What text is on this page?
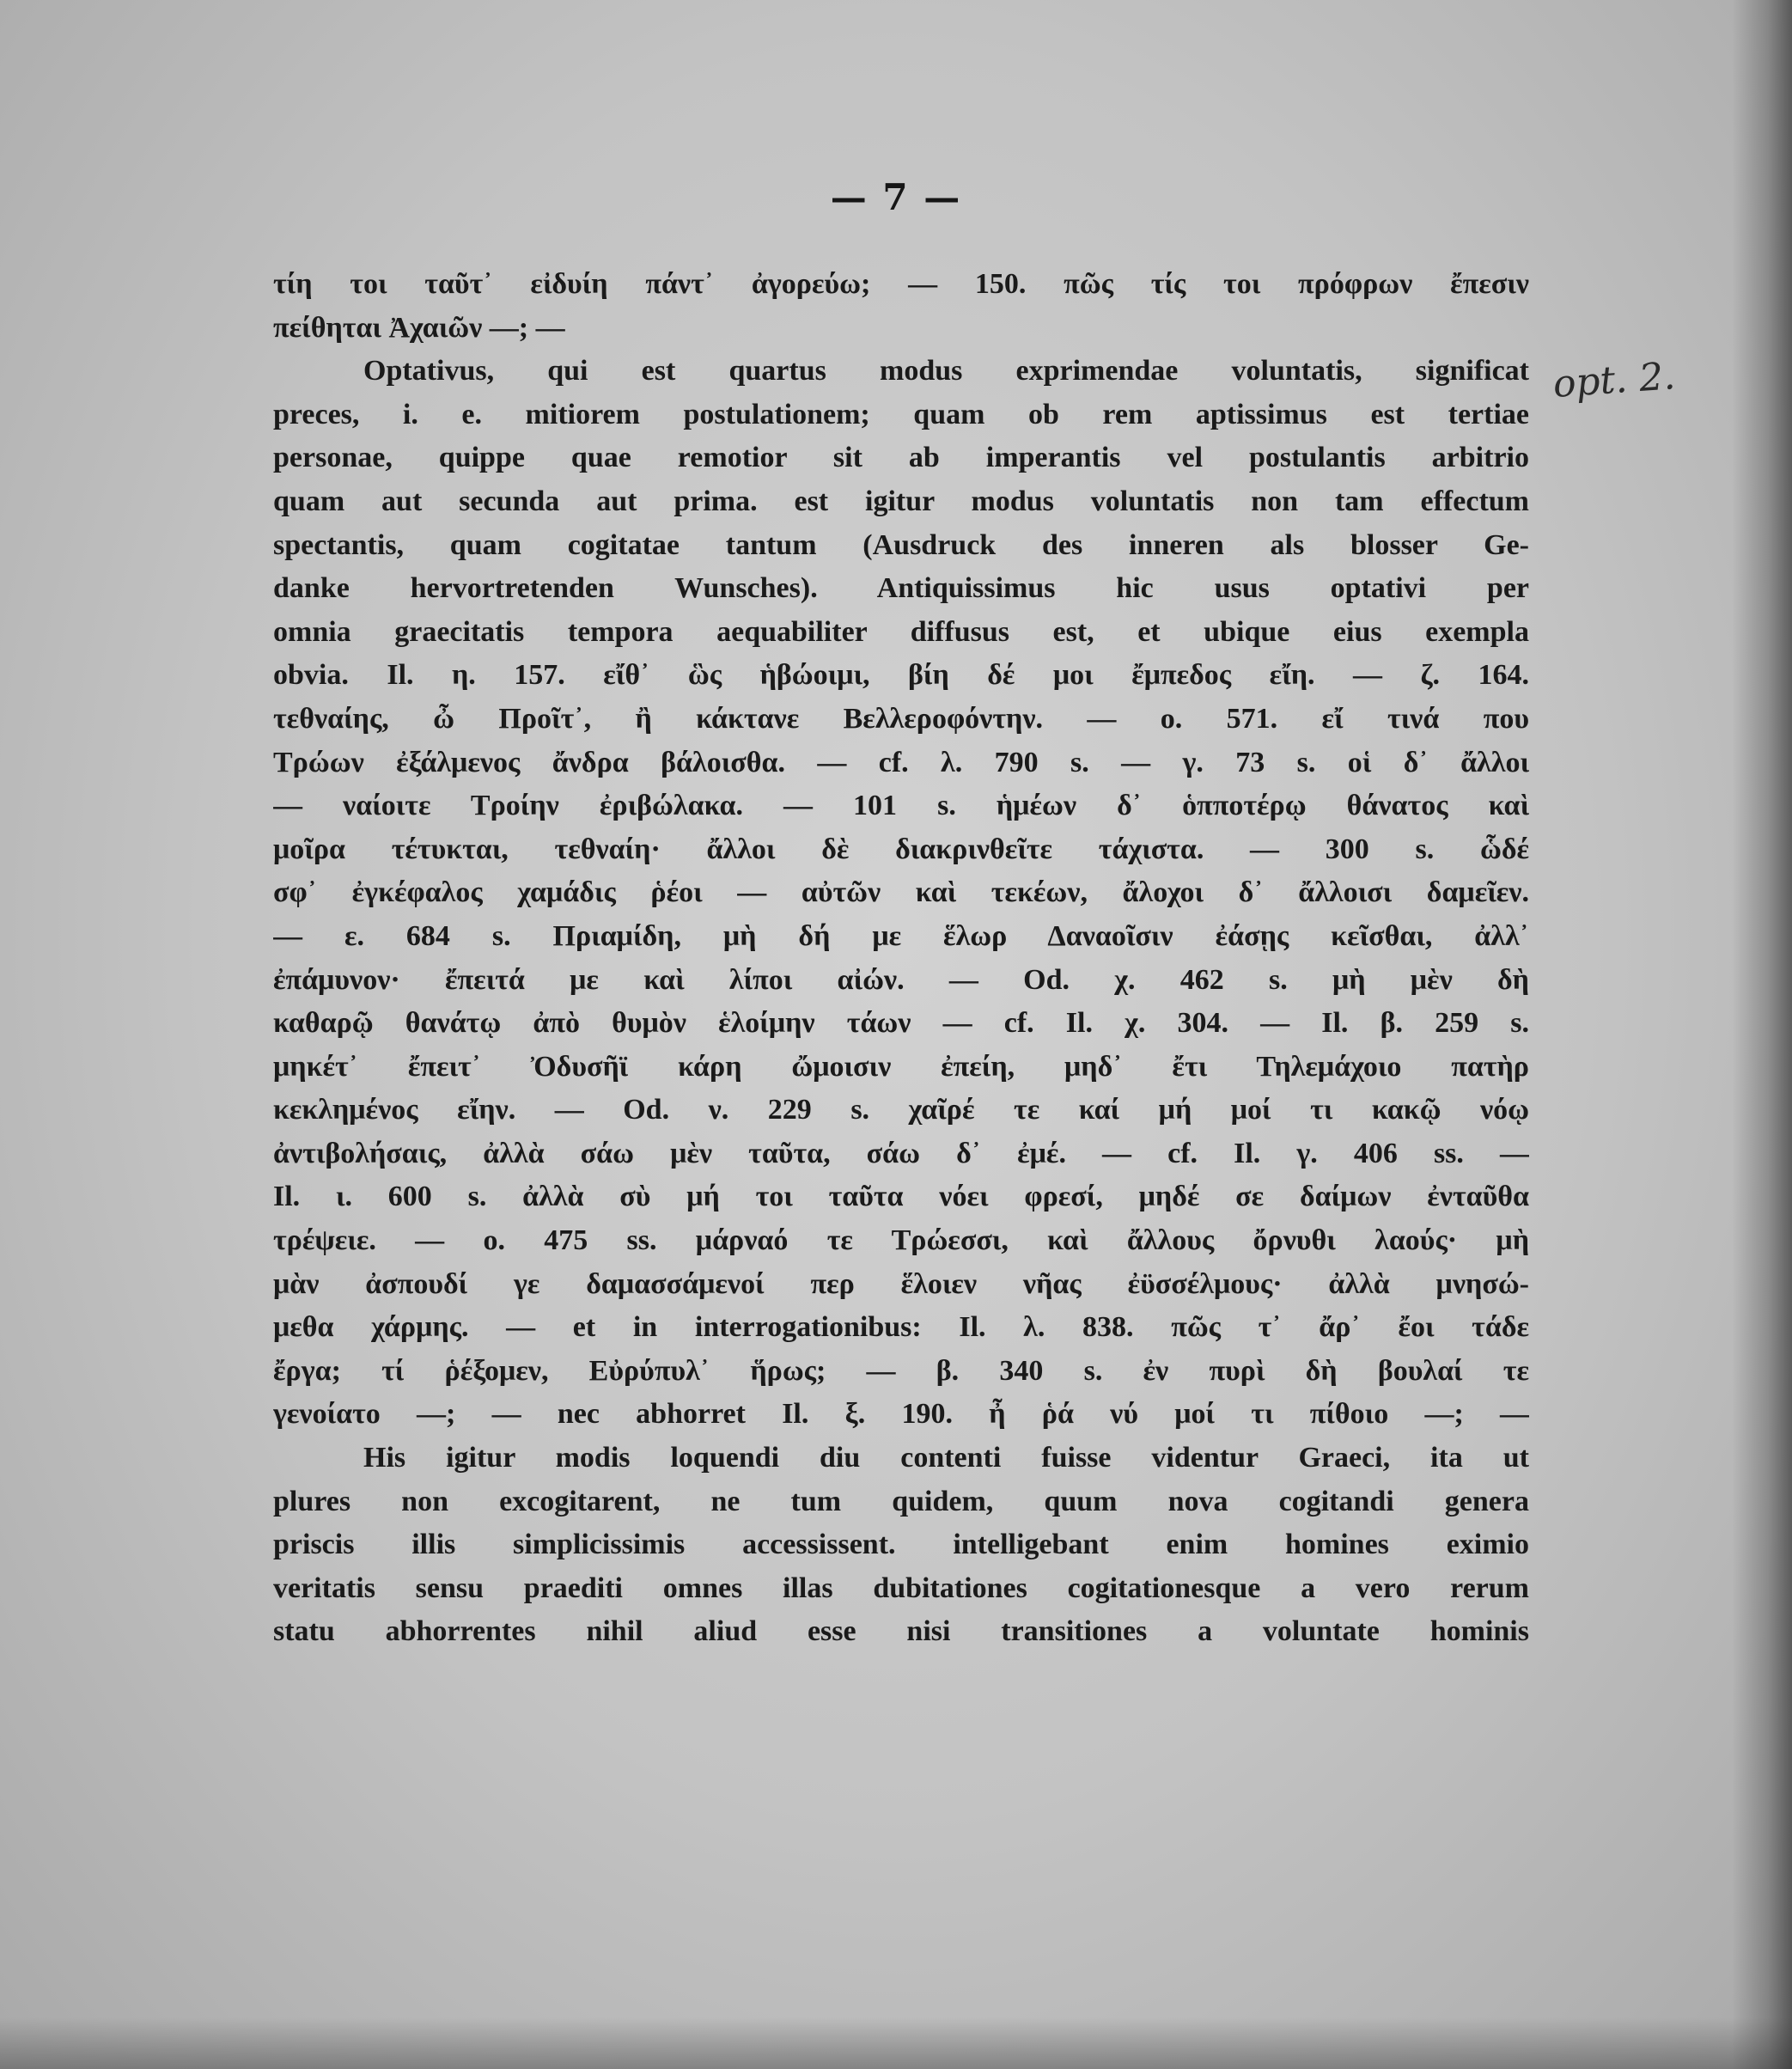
— 7 —
opt. 2.
τίη τοι ταῦτ᾽ εἰδυίη πάντ᾽ ἀγορεύω; — 150. πῶς τίς τοι πρόφρων ἔπεσιν
πείθηται Ἀχαιῶν —; —
Optativus, qui est quartus modus exprimendae voluntatis, significat
preces, i. e. mitiorem postulationem; quam ob rem aptissimus est tertiae
personae, quippe quae remotior sit ab imperantis vel postulantis arbitrio
quam aut secunda aut prima. est igitur modus voluntatis non tam effectum
spectantis, quam cogitatae tantum (Ausdruck des inneren als blosser Ge-
danke hervortretenden Wunsches). Antiquissimus hic usus optativi per
omnia graecitatis tempora aequabiliter diffusus est, et ubique eius exempla
obvia. Il. η. 157. εἴθ᾽ ὣς ἡβώοιμι, βίη δέ μοι ἔμπεδος εἴη. — ζ. 164.
τεθναίης, ὦ Προῖτ᾽, ἢ κάκτανε Βελλεροφόντην. — ο. 571. εἴ τινά που
Τρώων ἐξάλμενος ἄνδρα βάλοισθα. — cf. λ. 790 s. — γ. 73 s. οἱ δ᾽ ἄλλοι
— ναίοιτε Τροίην ἐριβώλακα. — 101 s. ἡμέων δ᾽ ὁπποτέρῳ θάνατος καὶ
μοῖρα τέτυκται, τεθναίη· ἄλλοι δὲ διακρινθεῖτε τάχιστα. — 300 s. ὧδέ
σφ᾽ ἐγκέφαλος χαμάδις ῥέοι — αὐτῶν καὶ τεκέων, ἄλοχοι δ᾽ ἄλλοισι δαμεῖεν.
— ε. 684 s. Πριαμίδη, μὴ δή με ἕλωρ Δαναοῖσιν ἐάσῃς κεῖσθαι, ἀλλ᾽
ἐπάμυνον· ἔπειτά με καὶ λίποι αἰών. — Od. χ. 462 s. μὴ μὲν δὴ
καθαρῷ θανάτῳ ἀπὸ θυμὸν ἑλοίμην τάων — cf. Il. χ. 304. — Il. β. 259 s.
μηκέτ᾽ ἔπειτ᾽ Ὀδυσῆϊ κάρη ὤμοισιν ἐπείη, μηδ᾽ ἔτι Τηλεμάχοιο πατὴρ
κεκλημένος εἴην. — Od. ν. 229 s. χαῖρέ τε καί μή μοί τι κακῷ νόῳ
ἀντιβολήσαις, ἀλλὰ σάω μὲν ταῦτα, σάω δ᾽ ἐμέ. — cf. Il. γ. 406 ss. —
Il. ι. 600 s. ἀλλὰ σὺ μή τοι ταῦτα νόει φρεσί, μηδέ σε δαίμων ἐνταῦθα
τρέψειε. — ο. 475 ss. μάρναό τε Τρώεσσι, καὶ ἄλλους ὄρνυθι λαούς· μὴ
μὰν ἀσπουδί γε δαμασσάμενοί περ ἕλοιεν νῆας ἐϋσσέλμους· ἀλλὰ μνησώ-
μεθα χάρμης. — et in interrogationibus: Il. λ. 838. πῶς τ᾽ ἄρ᾽ ἔοι τάδε
ἔργα; τί ῥέξομεν, Εὐρύπυλ᾽ ἥρως; — β. 340 s. ἐν πυρὶ δὴ βουλαί τε
γενοίατο —; — nec abhorret Il. ξ. 190. ἦ ῥά νύ μοί τι πίθοιο —; —
His igitur modis loquendi diu contenti fuisse videntur Graeci, ita ut
plures non excogitarent, ne tum quidem, quum nova cogitandi genera
priscis illis simplicissimis accessissent. intelligebant enim homines eximio
veritatis sensu praediti omnes illas dubitationes cogitationesque a vero rerum
statu abhorrentes nihil aliud esse nisi transitiones a voluntate hominis
